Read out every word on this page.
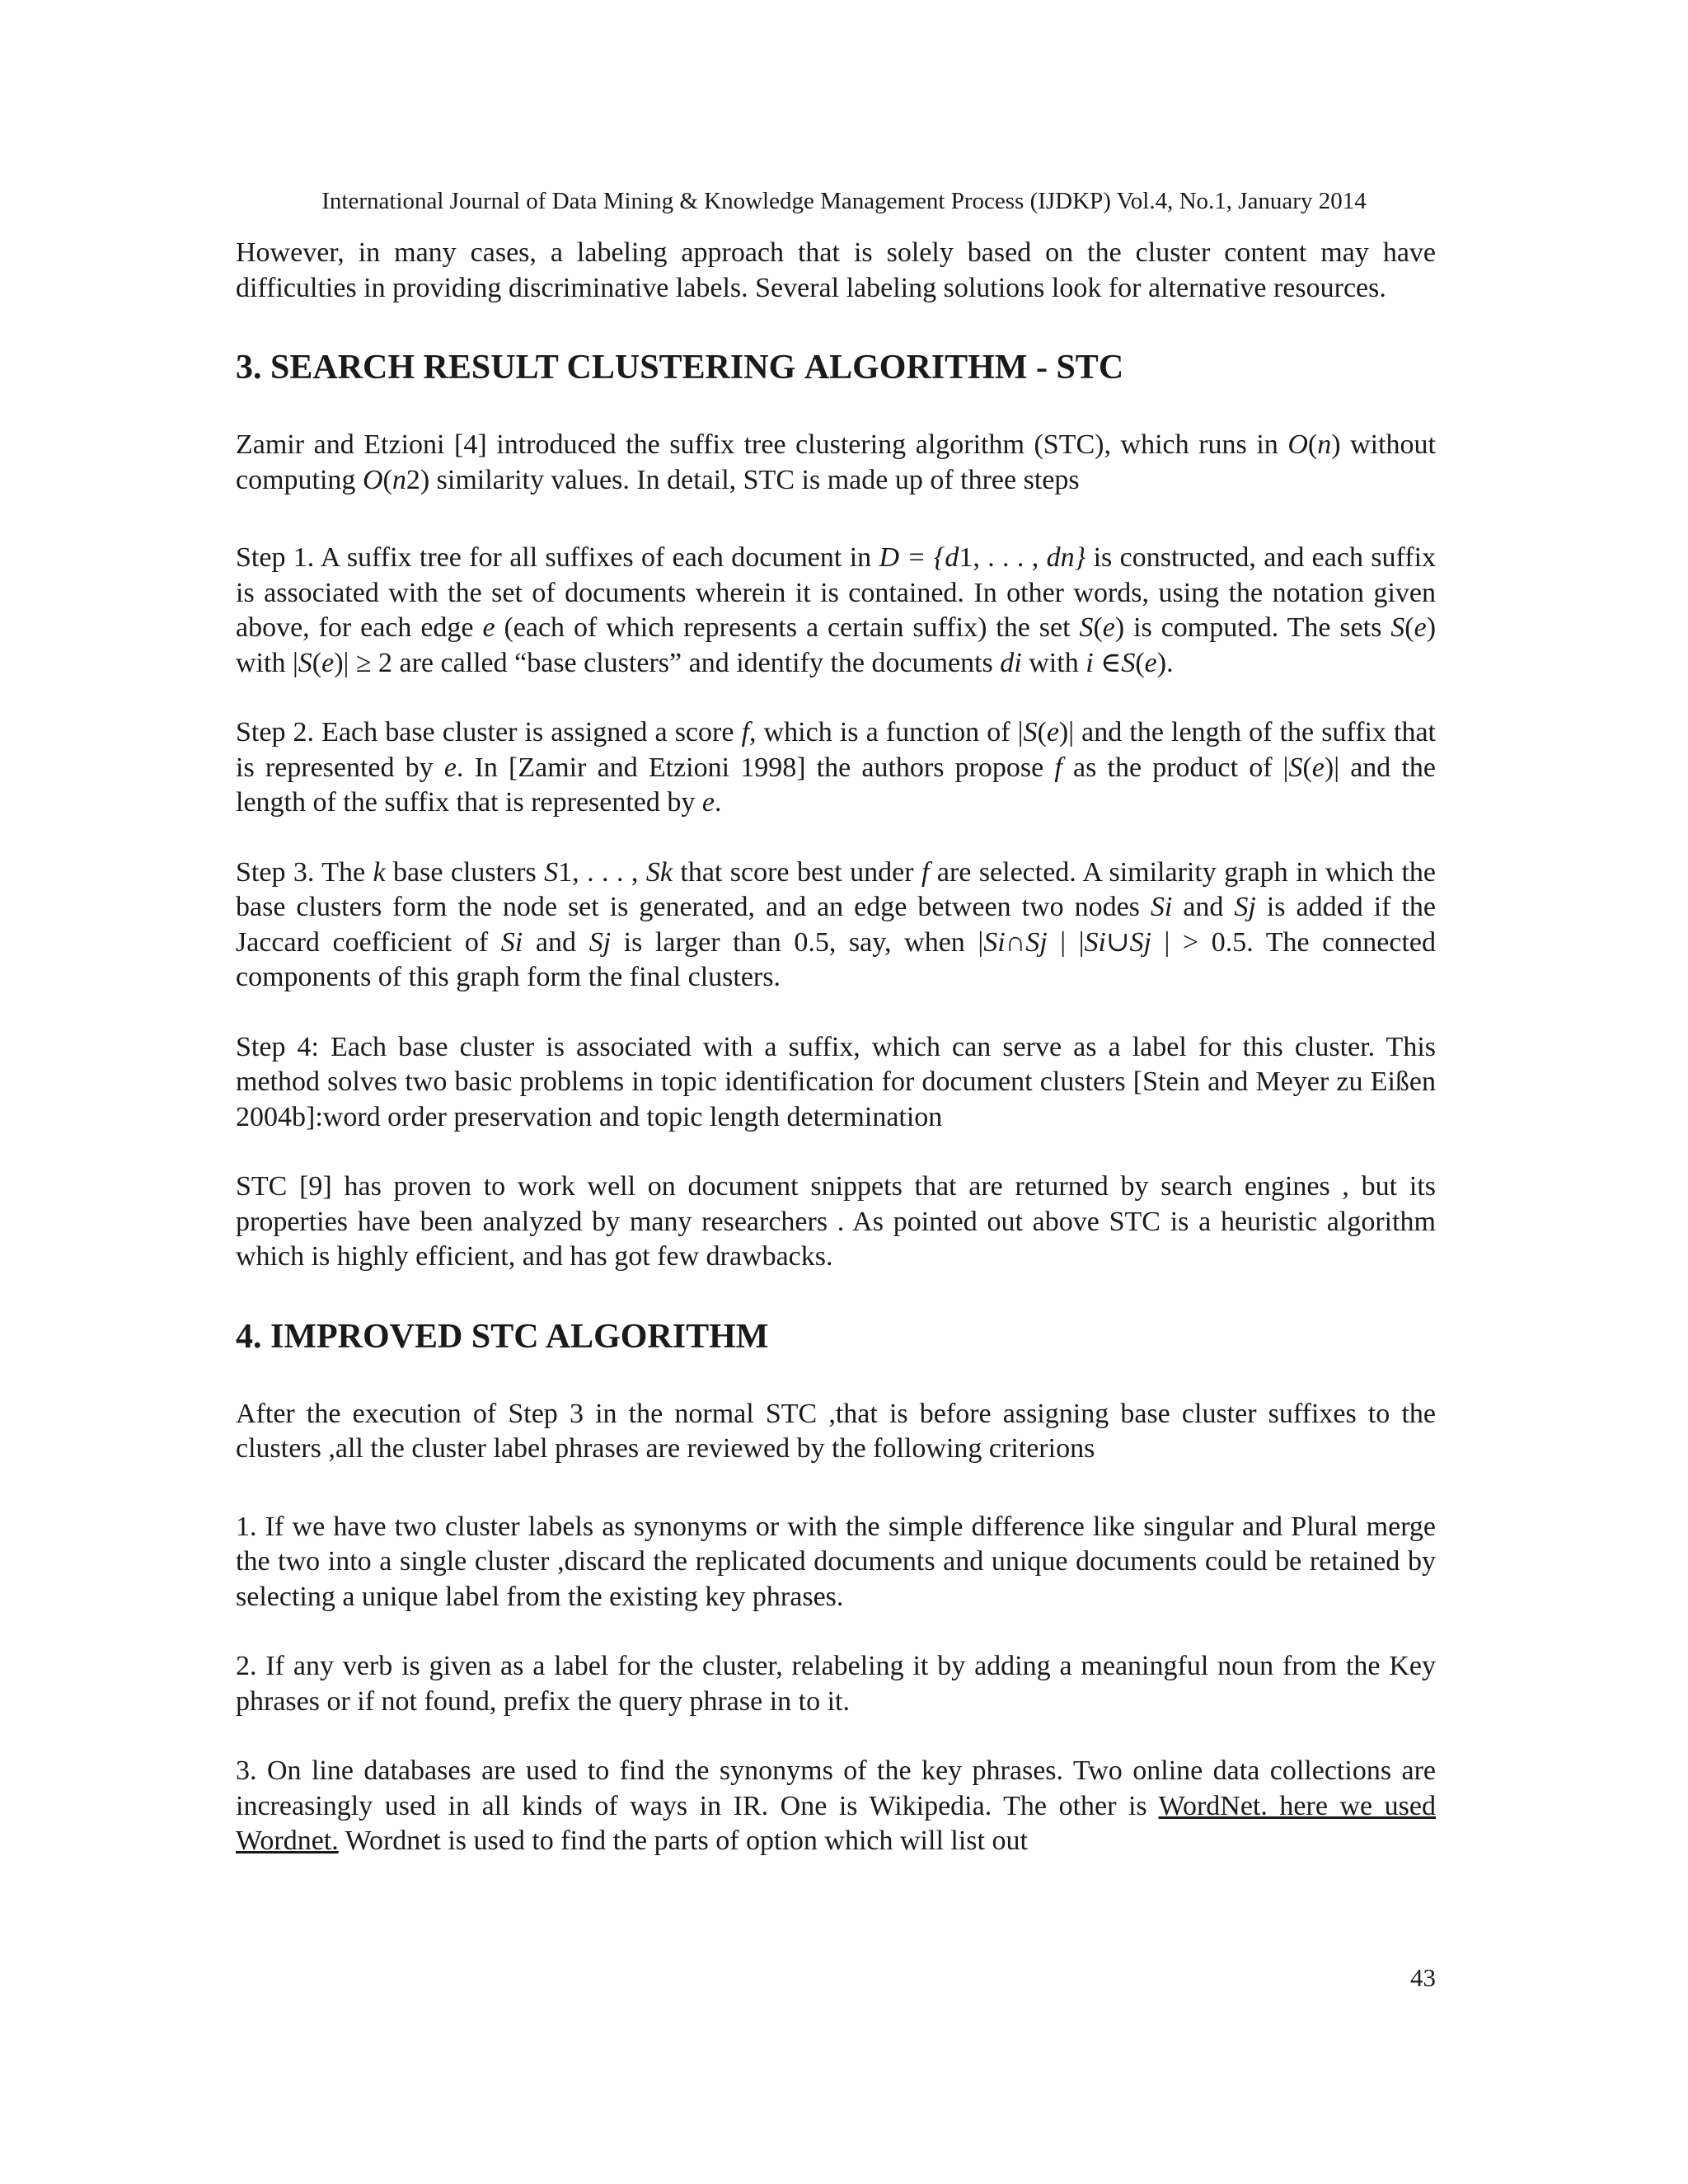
International Journal of Data Mining & Knowledge Management Process (IJDKP) Vol.4, No.1, January 2014

However, in many cases, a labeling approach that is solely based on the cluster content may have difficulties in providing discriminative labels. Several labeling solutions look for alternative resources.

3. SEARCH RESULT CLUSTERING ALGORITHM - STC

Zamir and Etzioni [4] introduced the suffix tree clustering algorithm (STC), which runs in O(n) without computing O(n2) similarity values. In detail, STC is made up of three steps

Step 1. A suffix tree for all suffixes of each document in D = {d1, . . . , dn} is constructed, and each suffix is associated with the set of documents wherein it is contained. In other words, using the notation given above, for each edge e (each of which represents a certain suffix) the set S(e) is computed. The sets S(e) with |S(e)| ≥ 2 are called “base clusters” and identify the documents di with i ∈S(e).

Step 2. Each base cluster is assigned a score f, which is a function of |S(e)| and the length of the suffix that is represented by e. In [Zamir and Etzioni 1998] the authors propose f as the product of |S(e)| and the length of the suffix that is represented by e.

Step 3. The k base clusters S1, . . . , Sk that score best under f are selected. A similarity graph in which the base clusters form the node set is generated, and an edge between two nodes Si and Sj is added if the Jaccard coefficient of Si and Sj is larger than 0.5, say, when |Si∩Sj | |Si∪Sj | > 0.5. The connected components of this graph form the final clusters.

Step 4: Each base cluster is associated with a suffix, which can serve as a label for this cluster. This method solves two basic problems in topic identification for document clusters [Stein and Meyer zu Eißen 2004b]:word order preservation and topic length determination

STC [9] has proven to work well on document snippets that are returned by search engines , but its properties have been analyzed by many researchers . As pointed out above STC is a heuristic algorithm which is highly efficient, and has got few drawbacks.

4. IMPROVED STC ALGORITHM

After the execution of Step 3 in the normal STC ,that is before assigning base cluster suffixes to the clusters ,all the cluster label phrases are reviewed by the following criterions

1. If we have two cluster labels as synonyms or with the simple difference like singular and Plural merge the two into a single cluster ,discard the replicated documents and unique documents could be retained by selecting a unique label from the existing key phrases.

2. If any verb is given as a label for the cluster, relabeling it by adding a meaningful noun from the Key phrases or if not found, prefix the query phrase in to it.

3. On line databases are used to find the synonyms of the key phrases. Two online data collections are increasingly used in all kinds of ways in IR. One is Wikipedia. The other is WordNet. here we used Wordnet. Wordnet is used to find the parts of option which will list out

43
